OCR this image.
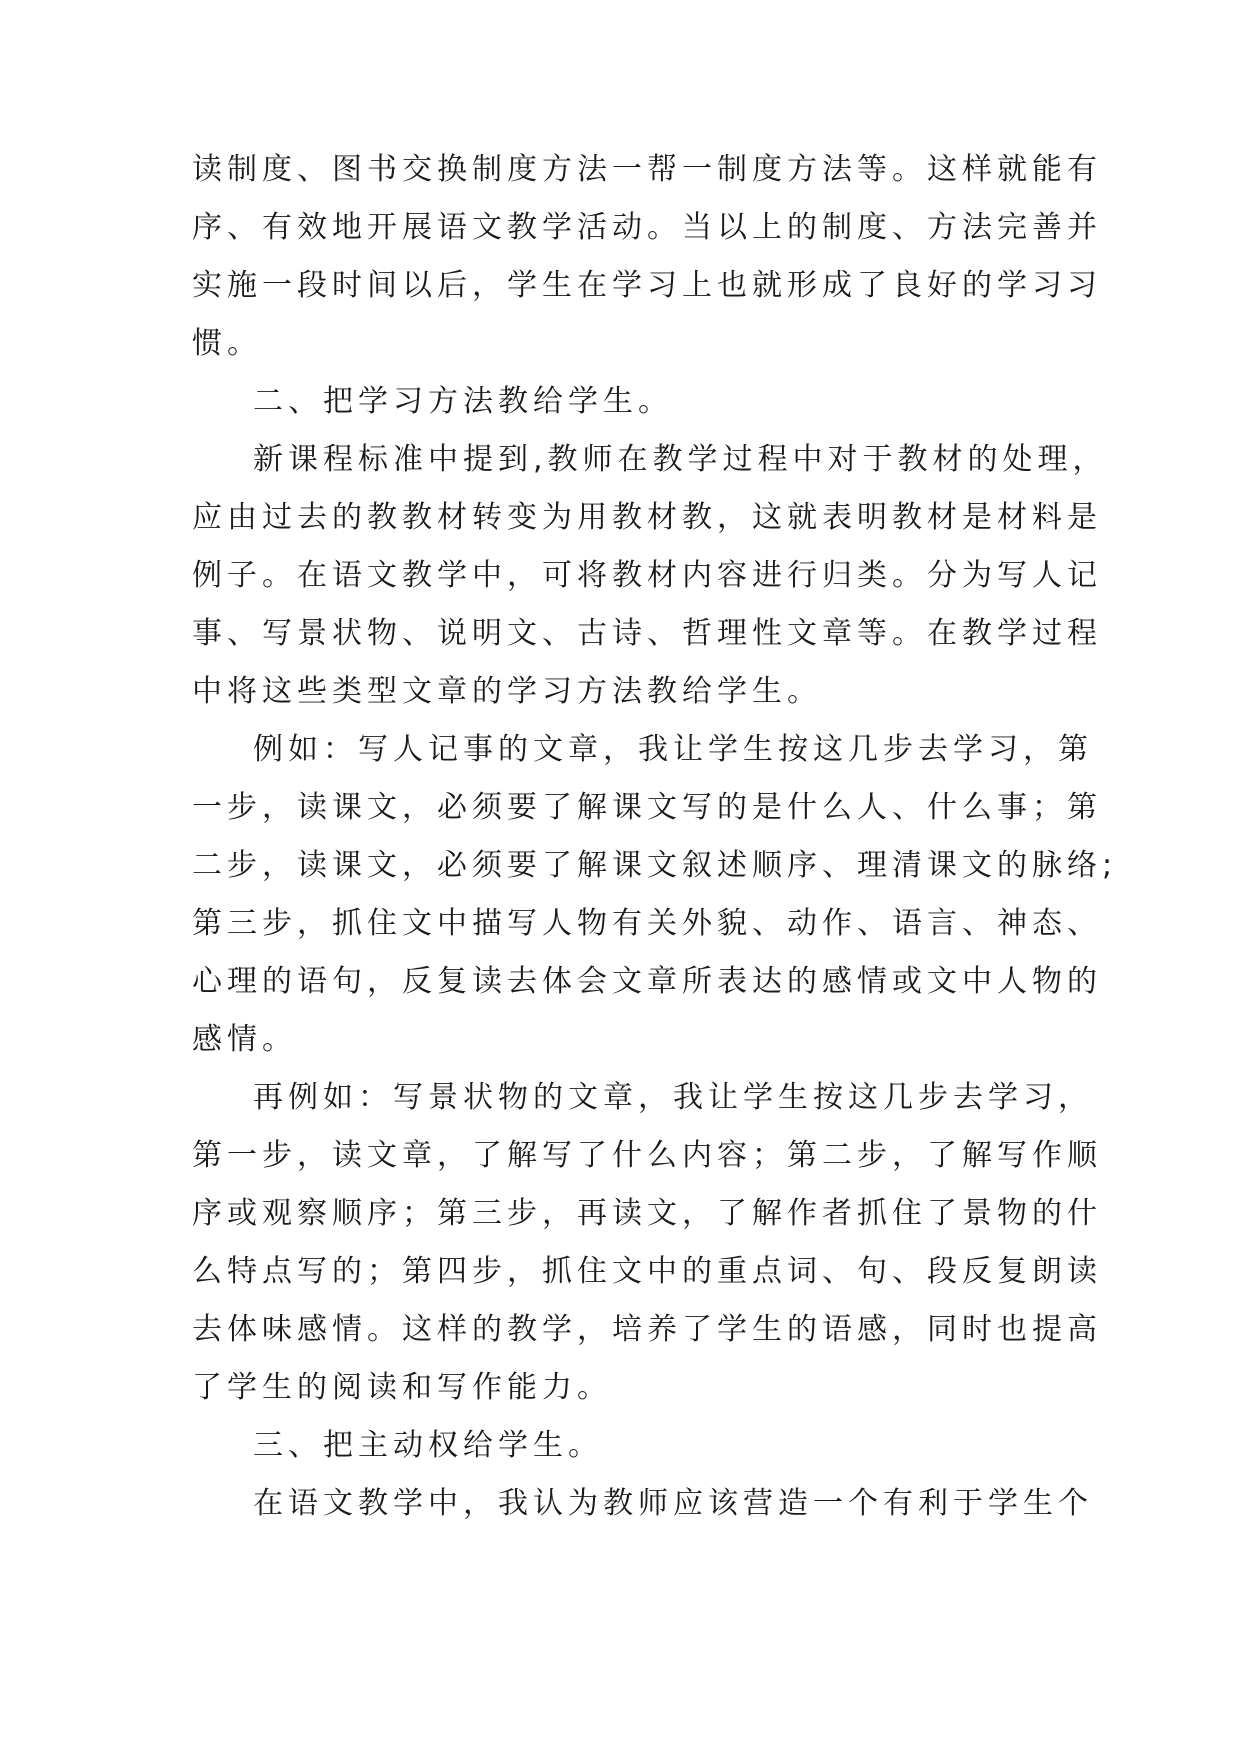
读制度、图书交换制度方法一帮一制度方法等。这样就能有
序、有效地开展语文教学活动。当以上的制度、方法完善并
实施一段时间以后，学生在学习上也就形成了良好的学习习
惯。
二、把学习方法教给学生。
新课程标准中提到,教师在教学过程中对于教材的处理，
应由过去的教教材转变为用教材教，这就表明教材是材料是
例子。在语文教学中，可将教材内容进行归类。分为写人记
事、写景状物、说明文、古诗、哲理性文章等。在教学过程
中将这些类型文章的学习方法教给学生。
例如：写人记事的文章，我让学生按这几步去学习，第
一步，读课文，必须要了解课文写的是什么人、什么事；第
二步，读课文，必须要了解课文叙述顺序、理清课文的脉络;
第三步，抓住文中描写人物有关外貌、动作、语言、神态、
心理的语句，反复读去体会文章所表达的感情或文中人物的
感情。
再例如：写景状物的文章，我让学生按这几步去学习，
第一步，读文章，了解写了什么内容；第二步，了解写作顺
序或观察顺序；第三步，再读文，了解作者抓住了景物的什
么特点写的；第四步，抓住文中的重点词、句、段反复朗读
去体味感情。这样的教学，培养了学生的语感，同时也提高
了学生的阅读和写作能力。
三、把主动权给学生。
在语文教学中，我认为教师应该营造一个有利于学生个
